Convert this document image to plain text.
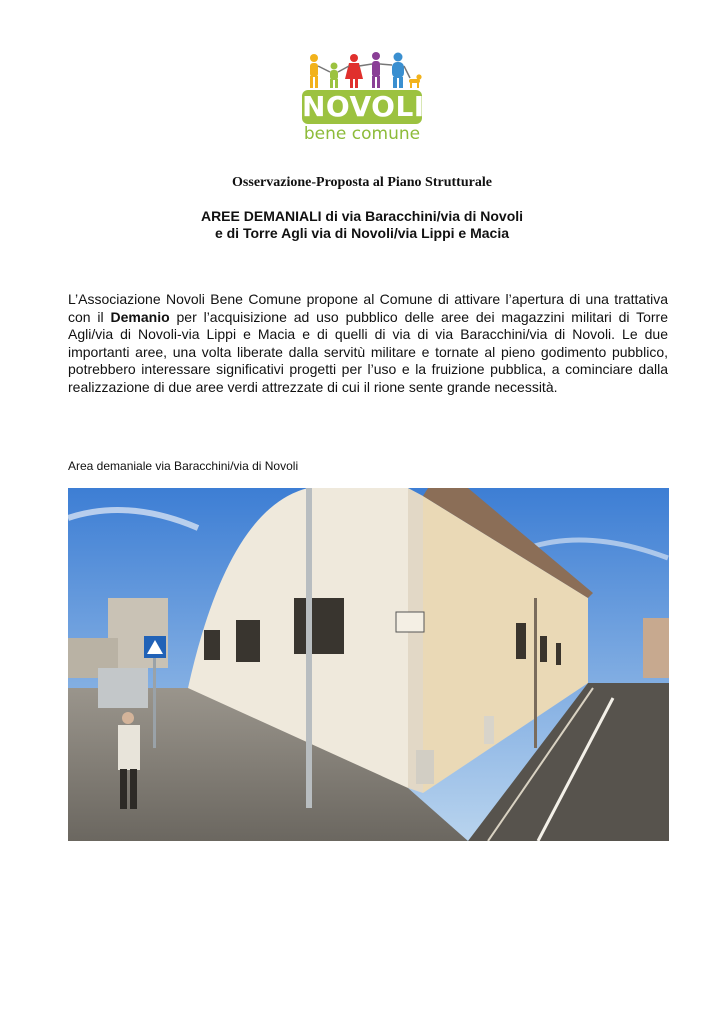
NOVOLI
bene comune
Osservazione-Proposta al Piano Strutturale
AREE DEMANIALI di via Baracchini/via di Novoli
e di Torre Agli via di Novoli/via Lippi e Macia

L’Associazione Novoli Bene Comune propone al Comune di attivare l’apertura di una trattativa con il Demanio per l’acquisizione ad uso pubblico delle aree dei magazzini militari di Torre Agli/via di Novoli-via Lippi e Macia e di quelli di via di via Baracchini/via di Novoli. Le due importanti aree, una volta liberate dalla servitù militare e tornate al pieno godimento pubblico, potrebbero interessare significativi progetti per l’uso e la fruizione pubblica, a cominciare dalla realizzazione di due aree verdi attrezzate di cui il rione sente grande necessità.

Area demaniale via Baracchini/via di Novoli
